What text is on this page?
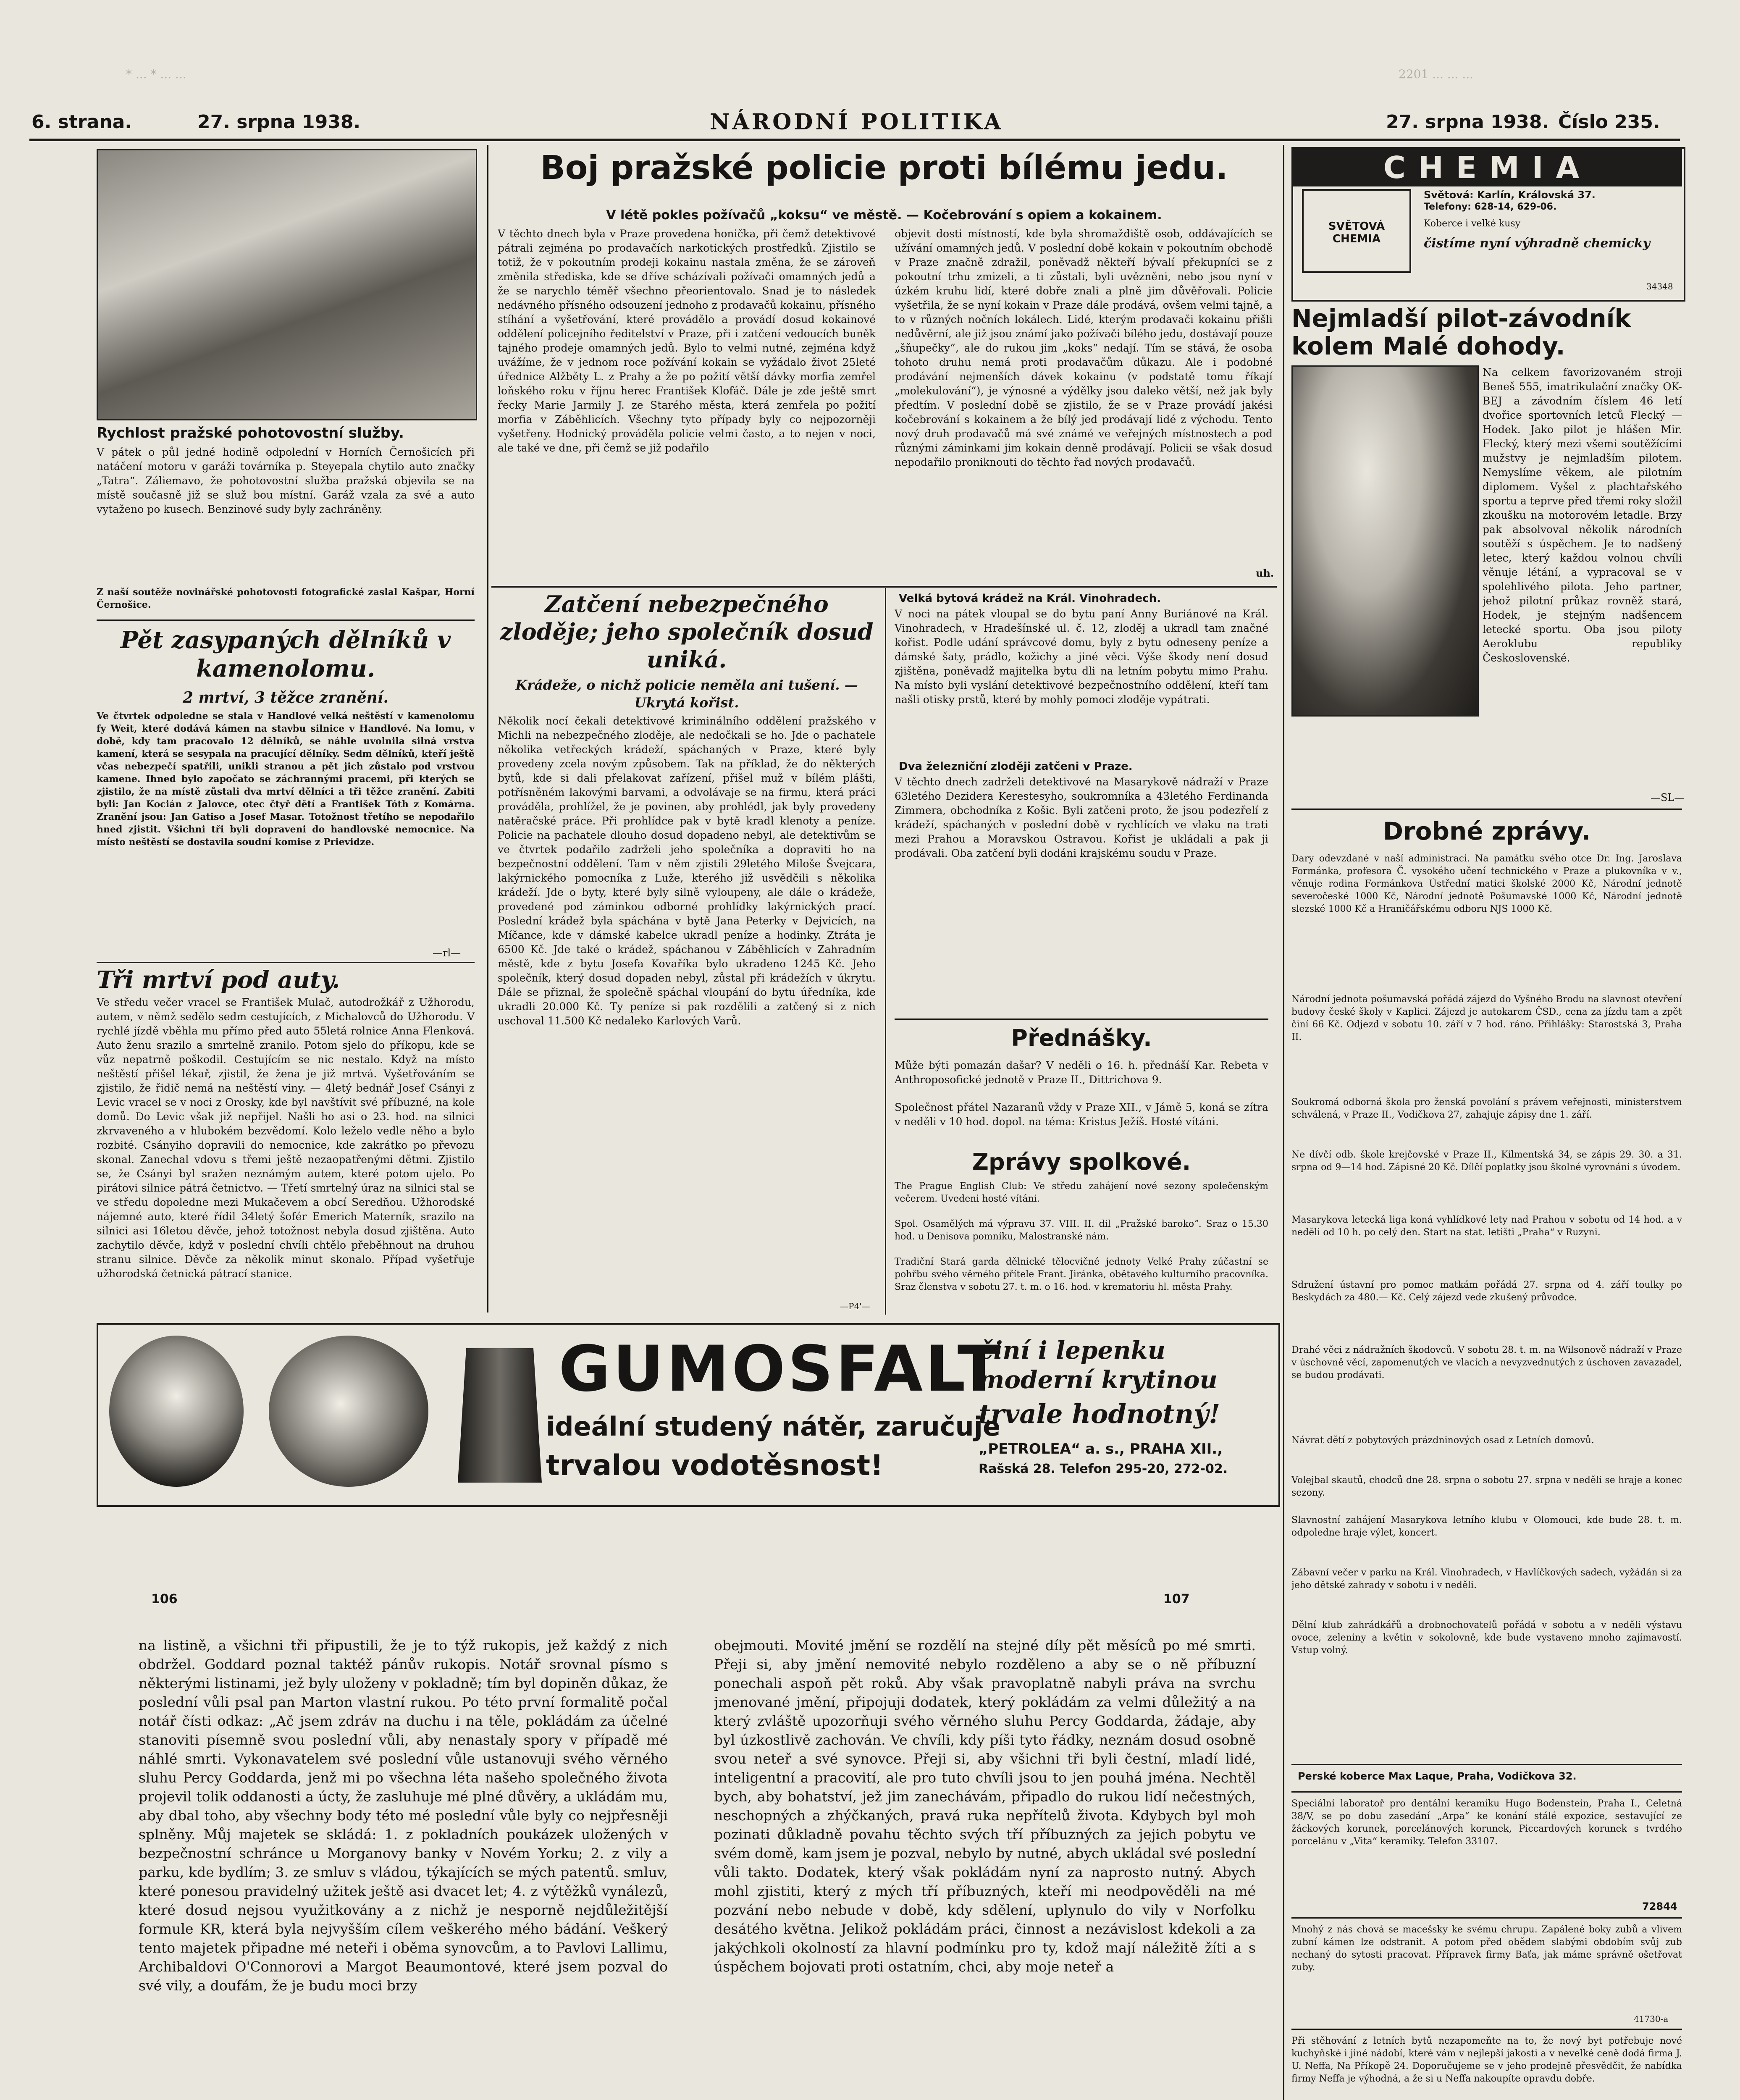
* ... * ... ...	2201 ... ... ...
6. strana.	27. srpna 1938.	NÁRODNÍ POLITIKA	27. srpna 1938. Číslo 235.
Rychlost pražské pohotovostní služby.
V pátek o půl jedné hodině odpolední v Horních Černošicích při natáčení motoru v garáži továrníka p. Steyepala chytilo auto značky „Tatra“. Záliemavo, že pohotovostní služba pražská objevila se na místě současně již se služ bou místní. Garáž vzala za své a auto vytaženo po kusech. Benzinové sudy byly zachráněny.
Z naší soutěže novinářské pohotovosti fotografické zaslal Kašpar, Horní Černošice.
Pět zasypaných dělníků v kamenolomu.
2 mrtví, 3 těžce zranění.
Ve čtvrtek odpoledne se stala v Handlové velká neštěstí v kamenolomu fy Weit, které dodává kámen na stavbu silnice v Handlové. Na lomu, v době, kdy tam pracovalo 12 dělníků, se náhle uvolnila silná vrstva kamení, která se sesypala na pracující dělníky. Sedm dělníků, kteří ještě včas nebezpečí spatřili, unikli stranou a pět jich zůstalo pod vrstvou kamene. Ihned bylo započato se záchrannými pracemi, při kterých se zjistilo, že na místě zůstali dva mrtví dělníci a tři těžce zranění. Zabiti byli: Jan Kocián z Jalovce, otec čtyř dětí a František Tóth z Komárna. Zranění jsou: Jan Gatiso a Josef Masar. Totožnost třetího se nepodařilo hned zjistit. Všichni tři byli dopraveni do handlovské nemocnice. Na místo neštěstí se dostavila soudní komise z Prievidze.
—rl—
Tři mrtví pod auty.
Ve středu večer vracel se František Mulač, autodrožkář z Užhorodu, autem, v němž sedělo sedm cestujících, z Michalovců do Užhorodu. V rychlé jízdě vběhla mu přímo před auto 55letá rolnice Anna Flenková. Auto ženu srazilo a smrtelně zranilo. Potom sjelo do příkopu, kde se vůz nepatrně poškodil. Cestujícím se nic nestalo. Když na místo neštěstí přišel lékař, zjistil, že žena je již mrtvá. Vyšetřováním se zjistilo, že řidič nemá na neštěstí viny. — 4letý bednář Josef Csányi z Levic vracel se v noci z Orosky, kde byl navštívit své příbuzné, na kole domů. Do Levic však již nepřijel. Našli ho asi o 23. hod. na silnici zkrvaveného a v hlubokém bezvědomí. Kolo leželo vedle něho a bylo rozbité. Csányiho dopravili do nemocnice, kde zakrátko po převozu skonal. Zanechal vdovu s třemi ještě nezaopatřenými dětmi. Zjistilo se, že Csányi byl sražen neznámým autem, které potom ujelo. Po pirátovi silnice pátrá četnictvo. — Třetí smrtelný úraz na silnici stal se ve středu dopoledne mezi Mukačevem a obcí Seredňou. Užhorodské nájemné auto, které řídil 34letý šofér Emerich Materník, srazilo na silnici asi 16letou děvče, jehož totožnost nebyla dosud zjištěna. Auto zachytilo děvče, když v poslední chvíli chtělo přeběhnout na druhou stranu silnice. Děvče za několik minut skonalo. Případ vyšetřuje užhorodská četnická pátrací stanice.
Boj pražské policie proti bílému jedu.
V létě pokles požívačů „koksu“ ve městě. — Kočebrování s opiem a kokainem.
V těchto dnech byla v Praze provedena honička, při čemž detektivové pátrali zejména po prodavačích narkotických prostředků. Zjistilo se totiž, že v pokoutním prodeji kokainu nastala změna, že se zároveň změnila střediska, kde se dříve scházívali požívači omamných jedů a že se narychlo téměř všechno přeorientovalo. Snad je to následek nedávného přísného odsouzení jednoho z prodavačů kokainu, přísného stíhání a vyšetřování, které provádělo a provádí dosud kokainové oddělení policejního ředitelství v Praze, při i zatčení vedoucích buněk tajného prodeje omamných jedů. Bylo to velmi nutné, zejména když uvážíme, že v jednom roce požívání kokain se vyžádalo život 25leté úřednice Alžběty L. z Prahy a že po požití větší dávky morfia zemřel loňského roku v říjnu herec František Klofáč. Dále je zde ještě smrt řecky Marie Jarmily J. ze Starého města, která zemřela po požití morfia v Záběhlicích. Všechny tyto případy byly co nejpozorněji vyšetřeny. Hodnický prováděla policie velmi často, a to nejen v noci, ale také ve dne, při čemž se již podařilo
objevit dosti místností, kde byla shromaždiště osob, oddávajících se užívání omamných jedů. V poslední době kokain v pokoutním obchodě v Praze značně zdražil, poněvadž někteří bývalí překupníci se z pokoutní trhu zmizeli, a ti zůstali, byli uvězněni, nebo jsou nyní v úzkém kruhu lidí, které dobře znali a plně jim důvěřovali. Policie vyšetřila, že se nyní kokain v Praze dále prodává, ovšem velmi tajně, a to v různých nočních lokálech. Lidé, kterým prodavači kokainu přišli nedůvěrní, ale již jsou známí jako požívači bílého jedu, dostávají pouze „šňupečky“, ale do rukou jim „koks“ nedají. Tím se stává, že osoba tohoto druhu nemá proti prodavačům důkazu. Ale i podobné prodávání nejmenších dávek kokainu (v podstatě tomu říkají „molekulování“), je výnosné a výdělky jsou daleko větší, než jak byly předtím. V poslední době se zjistilo, že se v Praze provádí jakési kočebrování s kokainem a že bílý jed prodávají lidé z východu. Tento nový druh prodavačů má své známé ve veřejných místnostech a pod různými záminkami jim kokain denně prodávají. Policii se však dosud nepodařilo proniknouti do těchto řad nových prodavačů.
uh.
Zatčení nebezpečného zloděje; jeho společník dosud uniká.
Krádeže, o nichž policie neměla ani tušení. — Ukrytá kořist.
Několik nocí čekali detektivové kriminálního oddělení pražského v Michli na nebezpečného zloděje, ale nedočkali se ho. Jde o pachatele několika vetřeckých krádeží, spáchaných v Praze, které byly provedeny zcela novým způsobem. Tak na příklad, že do některých bytů, kde si dali přelakovat zařízení, přišel muž v bílém plášti, potřísněném lakovými barvami, a odvolávaje se na firmu, která práci prováděla, prohlížel, že je povinen, aby prohlédl, jak byly provedeny natěračské práce. Při prohlídce pak v bytě kradl klenoty a peníze. Policie na pachatele dlouho dosud dopadeno nebyl, ale detektivům se ve čtvrtek podařilo zadrželi jeho společníka a dopraviti ho na bezpečnostní oddělení. Tam v něm zjistili 29letého Miloše Švejcara, lakýrnického pomocníka z Luže, kterého již usvědčili s několika krádeží. Jde o byty, které byly silně vyloupeny, ale dále o krádeže, provedené pod záminkou odborné prohlídky lakýrnických prací. Poslední krádež byla spáchána v bytě Jana Peterky v Dejvicích, na Míčance, kde v dámské kabelce ukradl peníze a hodinky. Ztráta je 6500 Kč. Jde také o krádež, spáchanou v Záběhlicích v Zahradním městě, kde z bytu Josefa Kovaříka bylo ukradeno 1245 Kč. Jeho společník, který dosud dopaden nebyl, zůstal při krádežích v úkrytu. Dále se přiznal, že společně spáchal vloupání do bytu úředníka, kde ukradli 20.000 Kč. Ty peníze si pak rozdělili a zatčený si z nich uschoval 11.500 Kč nedaleko Karlových Varů.
—P4'—
Velká bytová krádež na Král. Vinohradech.
V noci na pátek vloupal se do bytu paní Anny Buriánové na Král. Vinohradech, v Hradešínské ul. č. 12, zloděj a ukradl tam značné kořist. Podle udání správcové domu, byly z bytu odneseny peníze a dámské šaty, prádlo, kožichy a jiné věci. Výše škody není dosud zjištěna, poněvadž majitelka bytu dli na letním pobytu mimo Prahu. Na místo byli vyslání detektivové bezpečnostního oddělení, kteří tam našli otisky prstů, které by mohly pomoci zloděje vypátrati.
Dva železniční zloději zatčeni v Praze.
V těchto dnech zadrželi detektivové na Masarykově nádraží v Praze 63letého Dezidera Kerestesyho, soukromníka a 43letého Ferdinanda Zimmera, obchodníka z Košic. Byli zatčeni proto, že jsou podezřelí z krádeží, spáchaných v poslední době v rychlících ve vlaku na trati mezi Prahou a Moravskou Ostravou. Kořist je ukládali a pak ji prodávali. Oba zatčení byli dodáni krajskému soudu v Praze.
Přednášky.
Může býti pomazán dašar? V neděli o 16. h. přednáší Kar. Rebeta v Anthroposofické jednotě v Praze II., Dittrichova 9.
Společnost přátel Nazaranů vždy v Praze XII., v Jámě 5, koná se zítra v neděli v 10 hod. dopol. na téma: Kristus Ježíš. Hosté vítáni.
Zprávy spolkové.
The Prague English Club: Ve středu zahájení nové sezony společenským večerem. Uvedeni hosté vítáni.
Spol. Osamělých má výpravu 37. VIII. II. dil „Pražské barokoˮ. Sraz o 15.30 hod. u Denisova pomníku, Malostranské nám.
Tradiční Stará garda dělnické tělocvičné jednoty Velké Prahy zúčastní se pohřbu svého věrného přítele Frant. Jiránka, obětavého kulturního pracovníka. Sraz členstva v sobotu 27. t. m. o 16. hod. v krematoriu hl. města Prahy.
CHEMIA
Světová: Karlín, Královská 37.
Telefony: 628-14, 629-06.
SVĚTOVÁ CHEMIA
Koberce i velké kusy
čistíme nyní výhradně chemicky
34348
Nejmladší pilot-závodník kolem Malé dohody.
Na celkem favorizovaném stroji Beneš 555, imatrikulační značky OK-BEJ a závodním číslem 46 letí dvořice sportovních letců Flecký — Hodek. Jako pilot je hlášen Mir. Flecký, který mezi všemi soutěžícími mužstvy je nejmladším pilotem. Nemyslíme věkem, ale pilotním diplomem. Vyšel z plachtařského sportu a teprve před třemi roky složil zkoušku na motorovém letadle. Brzy pak absolvoval několik národních soutěží s úspěchem. Je to nadšený letec, který každou volnou chvíli věnuje létání, a vypracoval se v spolehlivého pilota. Jeho partner, jehož pilotní průkaz rovněž stará, Hodek, je stejným nadšencem letecké sportu. Oba jsou piloty Aeroklubu republiky Československé.
—SL—
Drobné zprávy.
Dary odevzdané v naší administraci. Na památku svého otce Dr. Ing. Jaroslava Formánka, profesora Č. vysokého učení technického v Praze a plukovníka v v., věnuje rodina Formánkova Ústřední matici školské 2000 Kč, Národní jednotě severočeské 1000 Kč, Národní jednotě Pošumavské 1000 Kč, Národní jednotě slezské 1000 Kč a Hraničářskému odboru NJS 1000 Kč.
Národní jednota pošumavská pořádá zájezd do Vyšného Brodu na slavnost otevření budovy české školy v Kaplici. Zájezd je autokarem ČSD., cena za jízdu tam a zpět činí 66 Kč. Odjezd v sobotu 10. září v 7 hod. ráno. Přihlášky: Starostská 3, Praha II.
Soukromá odborná škola pro ženská povolání s právem veřejnosti, ministerstvem schválená, v Praze II., Vodičkova 27, zahajuje zápisy dne 1. září.
Ne dívčí odb. škole krejčovské v Praze II., Kilmentská 34, se zápis 29. 30. a 31. srpna od 9—14 hod. Zápisné 20 Kč. Dílčí poplatky jsou školné vyrovnáni s úvodem.
Masarykova letecká liga koná vyhlídkové lety nad Prahou v sobotu od 14 hod. a v neděli od 10 h. po celý den. Start na stat. letišti „Praha“ v Ruzyni.
Sdružení ústavní pro pomoc matkám pořádá 27. srpna od 4. září toulky po Beskydách za 480.— Kč. Celý zájezd vede zkušený průvodce.
Drahé věci z nádražních škodovců. V sobotu 28. t. m. na Wilsonově nádraží v Praze v úschovně věcí, zapomenutých ve vlacích a nevyzvednutých z úschoven zavazadel, se budou prodávati.
Návrat dětí z pobytových prázdninových osad z Letních domovů.
Volejbal skautů, chodců dne 28. srpna o sobotu 27. srpna v neděli se hraje a konec sezony.
Slavnostní zahájení Masarykova letního klubu v Olomouci, kde bude 28. t. m. odpoledne hraje výlet, koncert.
Zábavní večer v parku na Král. Vinohradech, v Havlíčkových sadech, vyžádán si za jeho dětské zahrady v sobotu i v neděli.
Dělní klub zahrádkářů a drobnochovatelů pořádá v sobotu a v neděli výstavu ovoce, zeleniny a květin v sokolovně, kde bude vystaveno mnoho zajímavostí. Vstup volný.
Perské koberce Max Laque, Praha, Vodičkova 32.
Speciální laboratoř pro dentální keramiku Hugo Bodenstein, Praha I., Celetná 38/V, se po dobu zasedání „Arpa“ ke konání stálé expozice, sestavující ze žáckových korunek, porcelánových korunek, Piccardových korunek s tvrdého porcelánu v „Vita“ keramiky. Telefon 33107.
72844
Mnohý z nás chová se macešsky ke svému chrupu. Zapálené boky zubů a vlivem zubní kámen lze odstranit. A potom před obědem slabými obdobím svůj zub nechaný do sytosti pracovat. Přípravek firmy Baťa, jak máme správně ošetřovat zuby.
41730-a
Při stěhování z letních bytů nezapomeňte na to, že nový byt potřebuje nové kuchyňské i jiné nádobí, které vám v nejlepší jakosti a v nevelké ceně dodá firma J. U. Neffa, Na Příkopě 24. Doporučujeme se v jeho prodejně přesvědčit, že nabídka firmy Neffa je výhodná, a že si u Neffa nakoupíte opravdu dobře.
GUMOSFALT
ideální studený nátěr, zaručuje
trvalou vodotěsnost!
činí i lepenku moderní krytinou
trvale hodnotný!
„PETROLEA“ a. s., PRAHA XII.,
Rašská 28. Telefon 295-20, 272-02.
106	107
na listině, a všichni tři připustili, že je to týž rukopis, jež každý z nich obdržel. Goddard poznal taktéž pánův rukopis. Notář srovnal písmo s některými listinami, jež byly uloženy v pokladně; tím byl dopiněn důkaz, že poslední vůli psal pan Marton vlastní rukou. Po této první formalitě počal notář čísti odkaz: „Ač jsem zdráv na duchu i na těle, pokládám za účelné stanoviti písemně svou poslední vůli, aby nenastaly spory v případě mé náhlé smrti. Vykonavatelem své poslední vůle ustanovuji svého věrného sluhu Percy Goddarda, jenž mi po všechna léta našeho společného života projevil tolik oddanosti a úcty, že zasluhuje mé plné důvěry, a ukládám mu, aby dbal toho, aby všechny body této mé poslední vůle byly co nejpřesněji splněny. Můj majetek se skládá: 1. z pokladních poukázek uložených v bezpečnostní schránce u Morganovy banky v Novém Yorku; 2. z vily a parku, kde bydlím; 3. ze smluv s vládou, týkajících se mých patentů. smluv, které ponesou pravidelný užitek ještě asi dvacet let; 4. z výtěžků vynálezů, které dosud nejsou využitkovány a z nichž je nesporně nejdůležitější formule KR, která byla nejvyšším cílem veškerého mého bádání. Veškerý tento majetek připadne mé neteři i oběma synovcům, a to Pavlovi Lallimu, Archibaldovi O'Connorovi a Margot Beaumontové, které jsem pozval do své vily, a doufám, že je budu moci brzy
obejmouti. Movité jmění se rozdělí na stejné díly pět měsíců po mé smrti. Přeji si, aby jmění nemovité nebylo rozděleno a aby se o ně příbuzní ponechali aspoň pět roků. Aby však pravoplatně nabyli práva na svrchu jmenované jmění, připojuji dodatek, který pokládám za velmi důležitý a na který zvláště upozorňuji svého věrného sluhu Percy Goddarda, žádaje, aby byl úzkostlivě zachován. Ve chvíli, kdy píši tyto řádky, neznám dosud osobně svou neteř a své synovce. Přeji si, aby všichni tři byli čestní, mladí lidé, inteligentní a pracovití, ale pro tuto chvíli jsou to jen pouhá jména. Nechtěl bych, aby bohatství, jež jim zanechávám, připadlo do rukou lidí nečestných, neschopných a zhýčkaných, pravá ruka nepřítelů života. Kdybych byl moh pozinati důkladně povahu těchto svých tří příbuzných za jejich pobytu ve svém domě, kam jsem je pozval, nebylo by nutné, abych ukládal své poslední vůli takto. Dodatek, který však pokládám nyní za naprosto nutný. Abych mohl zjistiti, který z mých tří příbuzných, kteří mi neodpověděli na mé pozvání nebo nebude v době, kdy sdělení, uplynulo do vily v Norfolku desátého května. Jelikož pokládám práci, činnost a nezávislost kdekoli a za jakýchkoli okolností za hlavní podmínku pro ty, kdož mají náležitě žíti a s úspěchem bojovati proti ostatním, chci, aby moje neteř a
